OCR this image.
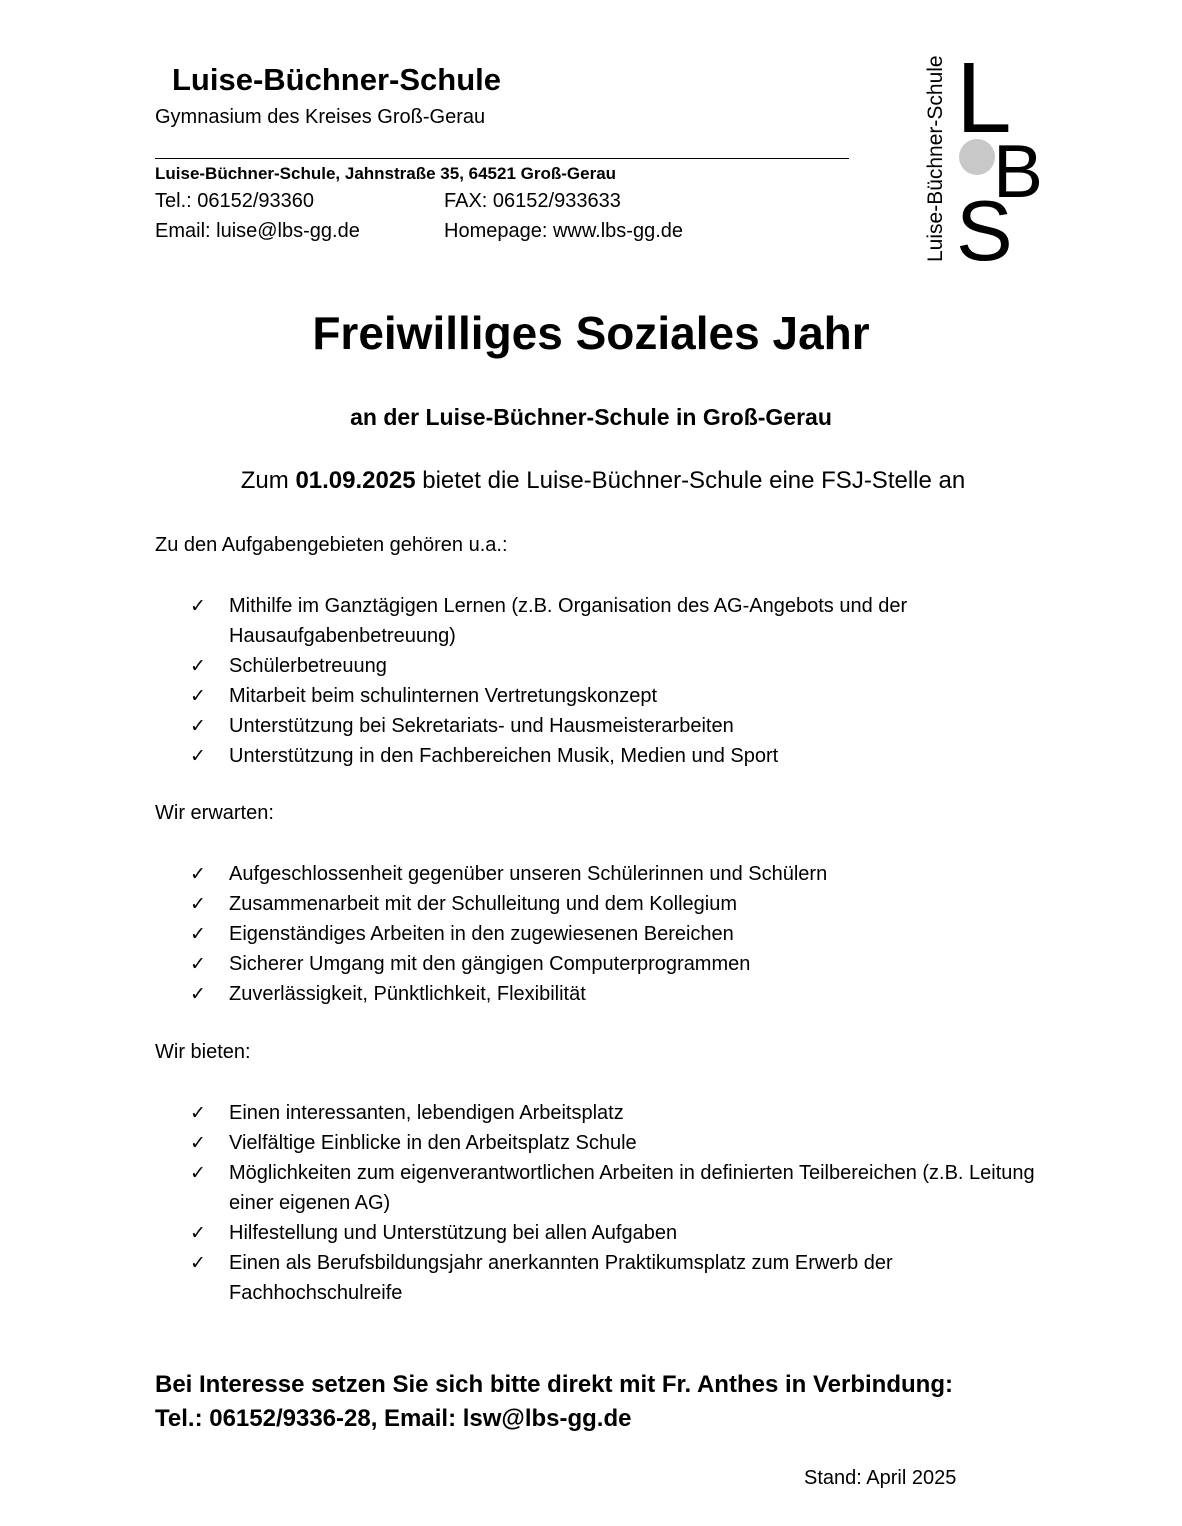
Luise-Büchner-Schule
Gymnasium des Kreises Groß-Gerau
Luise-Büchner-Schule, Jahnstraße 35, 64521 Groß-Gerau
Tel.: 06152/93360	FAX: 06152/933633
Email: luise@lbs-gg.de	Homepage: www.lbs-gg.de	Luise-Büchner-Schule L
B
S
Freiwilliges Soziales Jahr
an der Luise-Büchner-Schule in Groß-Gerau
Zum 01.09.2025 bietet die Luise-Büchner-Schule eine FSJ-Stelle an
Zu den Aufgabengebieten gehören u.a.:
✓	Mithilfe im Ganztägigen Lernen (z.B. Organisation des AG-Angebots und der Hausaufgabenbetreuung)
✓	Schülerbetreuung
✓	Mitarbeit beim schulinternen Vertretungskonzept
✓	Unterstützung bei Sekretariats- und Hausmeisterarbeiten
✓	Unterstützung in den Fachbereichen Musik, Medien und Sport
Wir erwarten:
✓	Aufgeschlossenheit gegenüber unseren Schülerinnen und Schülern
✓	Zusammenarbeit mit der Schulleitung und dem Kollegium
✓	Eigenständiges Arbeiten in den zugewiesenen Bereichen
✓	Sicherer Umgang mit den gängigen Computerprogrammen
✓	Zuverlässigkeit, Pünktlichkeit, Flexibilität
Wir bieten:
✓	Einen interessanten, lebendigen Arbeitsplatz
✓	Vielfältige Einblicke in den Arbeitsplatz Schule
✓	Möglichkeiten zum eigenverantwortlichen Arbeiten in definierten Teilbereichen (z.B. Leitung einer eigenen AG)
✓	Hilfestellung und Unterstützung bei allen Aufgaben
✓	Einen als Berufsbildungsjahr anerkannten Praktikumsplatz zum Erwerb der Fachhochschulreife
Bei Interesse setzen Sie sich bitte direkt mit Fr. Anthes in Verbindung:
Tel.: 06152/9336-28, Email: lsw@lbs-gg.de
Stand: April 2025
